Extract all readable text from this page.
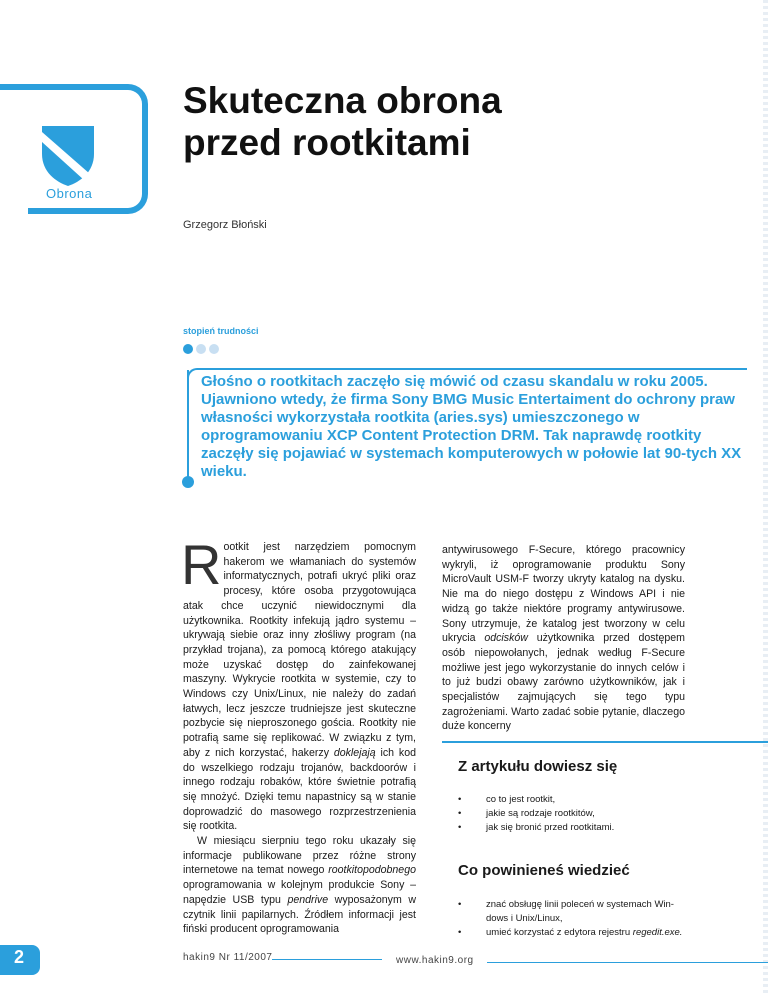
Obrona
Skuteczna obrona
przed rootkitami
Grzegorz Błoński
stopień trudności
Głośno o rootkitach zaczęło się mówić od czasu skandalu w roku 2005. Ujawniono wtedy, że firma Sony BMG Music Entertaiment do ochrony praw własności wykorzystała rootkita (aries.sys) umieszczonego w oprogramowaniu XCP Content Protection DRM. Tak naprawdę rootkity zaczęły się pojawiać w systemach komputerowych w połowie lat 90-tych XX wieku.

Rootkit jest narzędziem pomocnym hakerom we włamaniach do systemów informatycznych, potrafi ukryć pliki oraz procesy, które osoba przygotowująca atak chce uczynić niewidocznymi dla użytkownika. Rootkity infekują jądro systemu – ukrywają siebie oraz inny złośliwy program (na przykład trojana), za pomocą którego atakujący może uzyskać dostęp do zainfekowanej maszyny. Wykrycie rootkita w systemie, czy to Windows czy Unix/Linux, nie należy do zadań łatwych, lecz jeszcze trudniejsze jest skuteczne pozbycie się nieproszonego gościa. Rootkity nie potrafią same się replikować. W związku z tym, aby z nich korzystać, hakerzy doklejają ich kod do wszelkiego rodzaju trojanów, backdoorów i innego rodzaju robaków, które świetnie potrafią się mnożyć. Dzięki temu napastnicy są w stanie doprowadzić do masowego rozprzestrzenienia się rootkita.

W miesiącu sierpniu tego roku ukazały się informacje publikowane przez różne strony internetowe na temat nowego rootkitopodobnego oprogramowania w kolejnym produkcie Sony – napędzie USB typu pendrive wyposażonym w czytnik linii papilarnych. Źródłem informacji jest fiński producent oprogramowania

antywirusowego F-Secure, którego pracownicy wykryli, iż oprogramowanie produktu Sony MicroVault USM-F tworzy ukryty katalog na dysku. Nie ma do niego dostępu z Windows API i nie widzą go także niektóre programy antywirusowe. Sony utrzymuje, że katalog jest tworzony w celu ukrycia odcisków użytkownika przed dostępem osób niepowołanych, jednak według F-Secure możliwe jest jego wykorzystanie do innych celów i to już budzi obawy zarówno użytkowników, jak i specjalistów zajmujących się tego typu zagrożeniami. Warto zadać sobie pytanie, dlaczego duże koncerny

Z artykułu dowiesz się
• co to jest rootkit,
• jakie są rodzaje rootkitów,
• jak się bronić przed rootkitami.
Co powinieneś wiedzieć
• znać obsługę linii poleceń w systemach Win-
dows i Unix/Linux,
• umieć korzystać z edytora rejestru regedit.exe.
2	hakin9 Nr 11/2007	www.hakin9.org
